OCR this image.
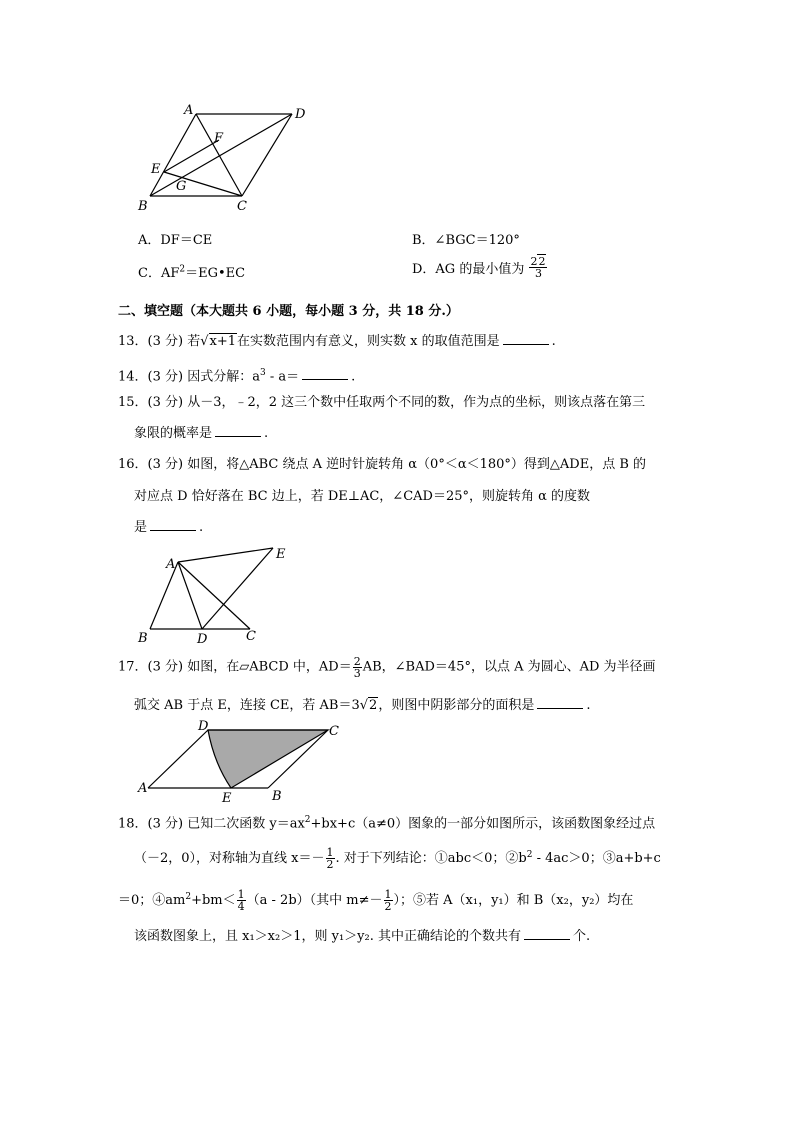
A	D
F
E
G
B	C
A．DF＝CE	B．∠BGC＝120°
C．$AF^2=EG•EC$	D．AG 的最小值为 $\frac{22}{3}$
二、填空题（本大题共 6 小题，每小题 3 分，共 18 分.）
13．(3 分) 若√x+1在实数范围内有意义，则实数 x 的取值范围是	.
14．(3 分) 因式分解：$a^3 - a=$	.
15．(3 分) 从－3，﹣2，2 这三个数中任取两个不同的数，作为点的坐标，则该点落在第三
象限的概率是	.
16．(3 分) 如图，将△ABC 绕点 A 逆时针旋转角 α（0°＜α＜180°）得到△ADE，点 B 的
对应点 D 恰好落在 BC 边上，若 DE⊥AC，∠CAD＝25°，则旋转角 α 的度数
是	.
A
E
B	D	C
17．(3 分) 如图，在▱ABCD 中，$AD= \frac{2}{3}$ AB，∠BAD＝45°，以点 A 为圆心、AD 为半径画
弧交 AB 于点 E，连接 CE，若 AB＝3√2，则图中阴影部分的面积是	.
D	C
A
E	B
18．(3 分) 已知二次函数 $y=ax^2+bx+c(a\ne 0)$图象的一部分如图所示，该函数图象经过点
（－2，0），对称轴为直线 $x=- \frac{1}{2}$ . 对于下列结论：①abc＜0；$②b^2 - 4ac>0$；③a+b+c
＝0；$④am^2+bm< \frac{1}{4} (a - 2b)$（其中 $m\ne- \frac{1}{2}$ ）；⑤若 A（x₁，y₁）和 B（x₂，y₂）均在
该函数图象上，且 x₁＞x₂＞1，则 y₁＞y₂. 其中正确结论的个数共有	个.
